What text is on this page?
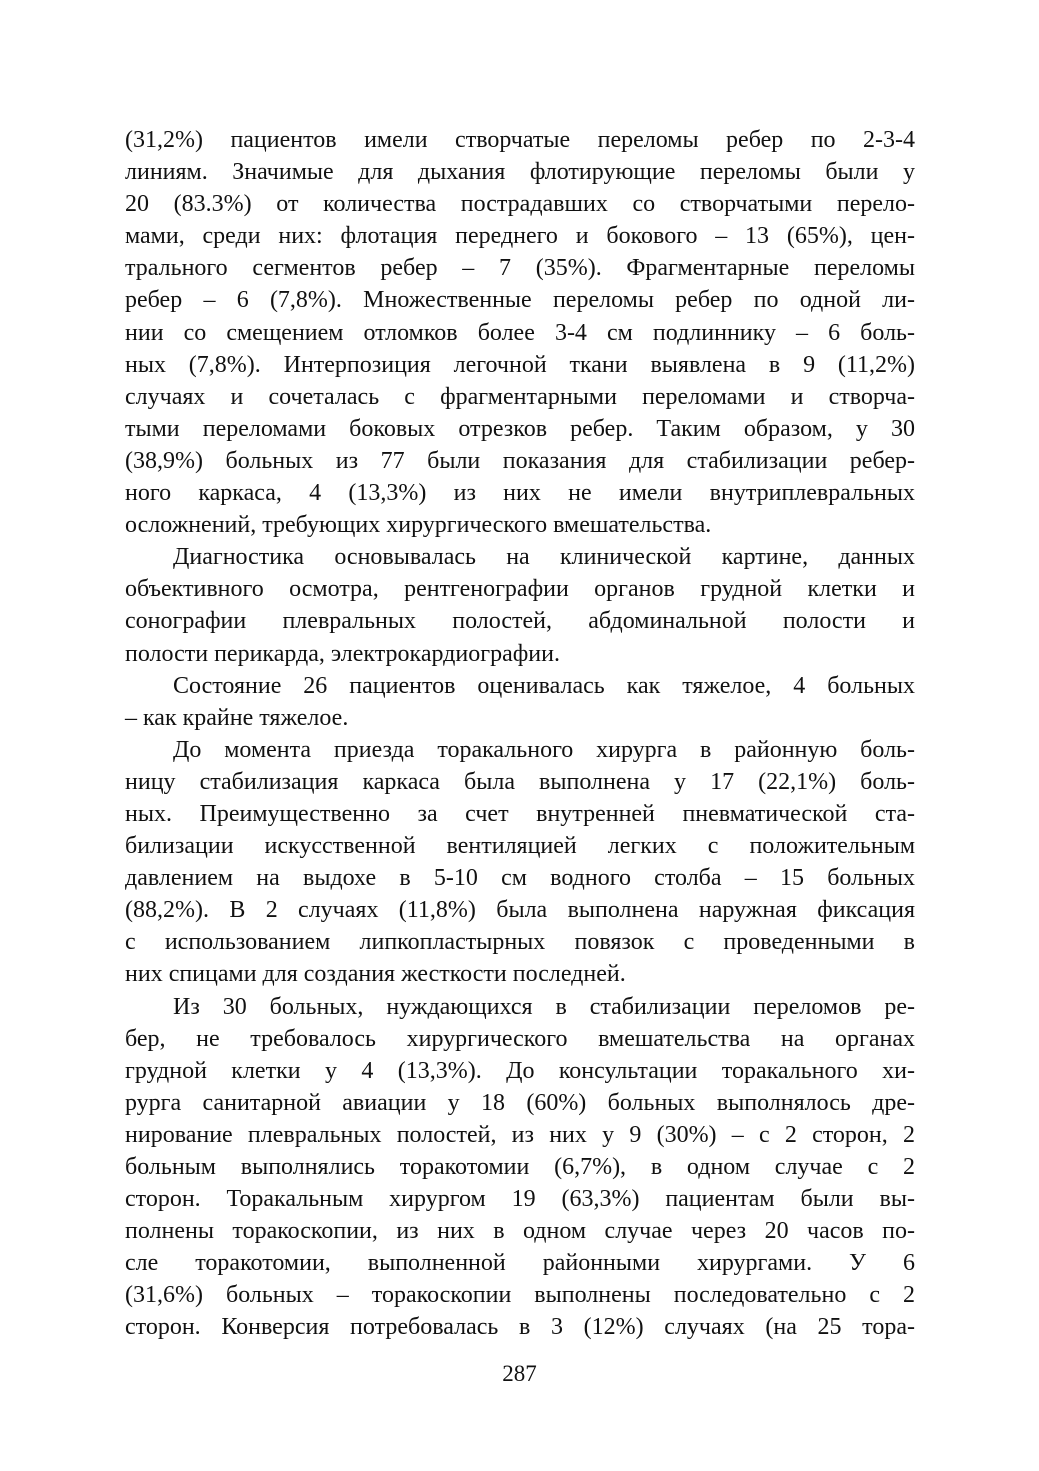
(31,2%) пациентов имели створчатые переломы ребер по 2-3-4
линиям. Значимые для дыхания флотирующие переломы были у
20 (83.3%) от количества пострадавших со створчатыми перело-
мами, среди них: флотация переднего и бокового – 13 (65%), цен-
трального сегментов ребер – 7 (35%). Фрагментарные переломы
ребер – 6 (7,8%). Множественные переломы ребер по одной ли-
нии со смещением отломков более 3-4 см подлиннику – 6 боль-
ных (7,8%). Интерпозиция легочной ткани выявлена в 9 (11,2%)
случаях и сочеталась с фрагментарными переломами и створча-
тыми переломами боковых отрезков ребер. Таким образом, у 30
(38,9%) больных из 77 были показания для стабилизации ребер-
ного каркаса, 4 (13,3%) из них не имели внутриплевральных
осложнений, требующих хирургического вмешательства.
Диагностика основывалась на клинической картине, данных
объективного осмотра, рентгенографии органов грудной клетки и
сонографии плевральных полостей, абдоминальной полости и
полости перикарда, электрокардиографии.
Состояние 26 пациентов оценивалась как тяжелое, 4 больных
– как крайне тяжелое.
До момента приезда торакального хирурга в районную боль-
ницу стабилизация каркаса была выполнена у 17 (22,1%) боль-
ных. Преимущественно за счет внутренней пневматической ста-
билизации искусственной вентиляцией легких с положительным
давлением на выдохе в 5-10 см водного столба – 15 больных
(88,2%). В 2 случаях (11,8%) была выполнена наружная фиксация
с использованием липкопластырных повязок с проведенными в
них спицами для создания жесткости последней.
Из 30 больных, нуждающихся в стабилизации переломов ре-
бер, не требовалось хирургического вмешательства на органах
грудной клетки у 4 (13,3%). До консультации торакального хи-
рурга санитарной авиации у 18 (60%) больных выполнялось дре-
нирование плевральных полостей, из них у 9 (30%) – с 2 сторон, 2
больным выполнялись торакотомии (6,7%), в одном случае с 2
сторон. Торакальным хирургом 19 (63,3%) пациентам были вы-
полнены торакоскопии, из них в одном случае через 20 часов по-
сле торакотомии, выполненной районными хирургами. У 6
(31,6%) больных – торакоскопии выполнены последовательно с 2
сторон. Конверсия потребовалась в 3 (12%) случаях (на 25 тора-
287
